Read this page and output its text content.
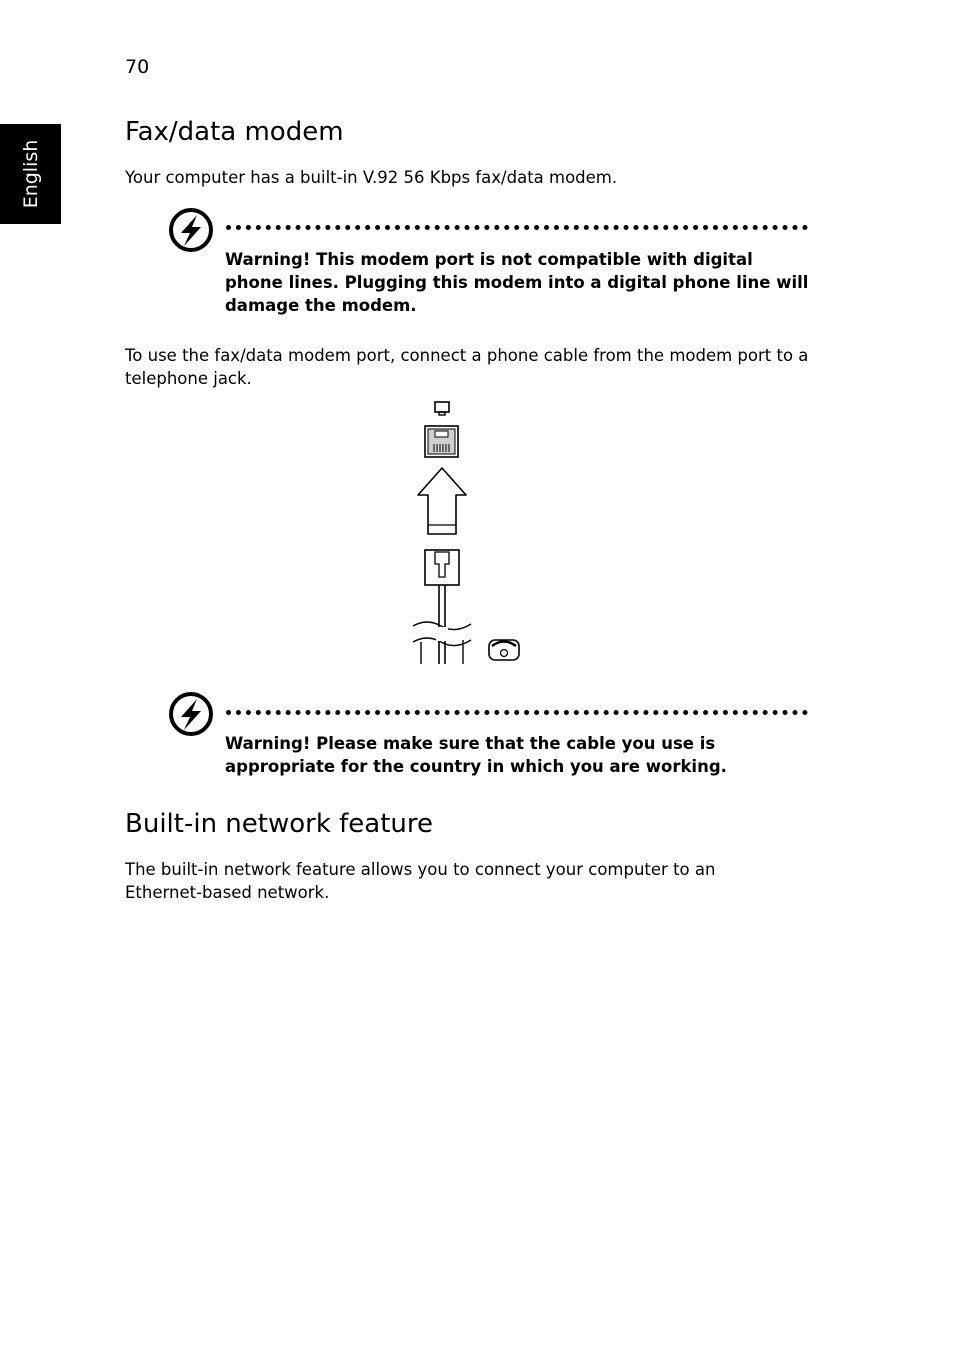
70
English
Fax/data modem
Your computer has a built-in V.92 56 Kbps fax/data modem.
Warning! This modem port is not compatible with digital phone lines. Plugging this modem into a digital phone line will damage the modem.
To use the fax/data modem port, connect a phone cable from the modem port to a telephone jack.
Warning! Please make sure that the cable you use is appropriate for the country in which you are working.
Built-in network feature
The built-in network feature allows you to connect your computer to an Ethernet-based network.
